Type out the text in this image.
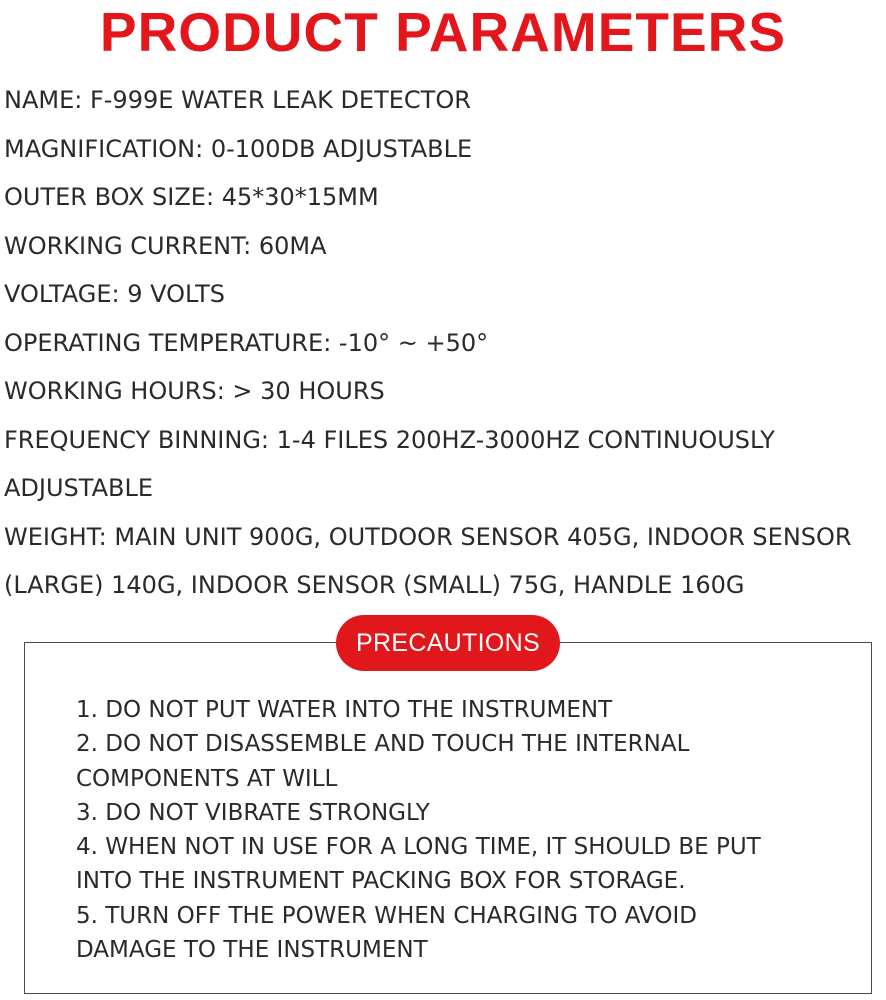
PRODUCT PARAMETERS
NAME: F-999E WATER LEAK DETECTOR
MAGNIFICATION: 0-100DB ADJUSTABLE
OUTER BOX SIZE: 45*30*15MM
WORKING CURRENT: 60MA
VOLTAGE: 9 VOLTS
OPERATING TEMPERATURE: -10° ~ +50°
WORKING HOURS: > 30 HOURS
FREQUENCY BINNING: 1-4 FILES 200HZ-3000HZ CONTINUOUSLY
ADJUSTABLE
WEIGHT: MAIN UNIT 900G, OUTDOOR SENSOR 405G, INDOOR SENSOR
(LARGE) 140G, INDOOR SENSOR (SMALL) 75G, HANDLE 160G
PRECAUTIONS
1. DO NOT PUT WATER INTO THE INSTRUMENT
2. DO NOT DISASSEMBLE AND TOUCH THE INTERNAL
COMPONENTS AT WILL
3. DO NOT VIBRATE STRONGLY
4. WHEN NOT IN USE FOR A LONG TIME, IT SHOULD BE PUT
INTO THE INSTRUMENT PACKING BOX FOR STORAGE.
5. TURN OFF THE POWER WHEN CHARGING TO AVOID
DAMAGE TO THE INSTRUMENT
